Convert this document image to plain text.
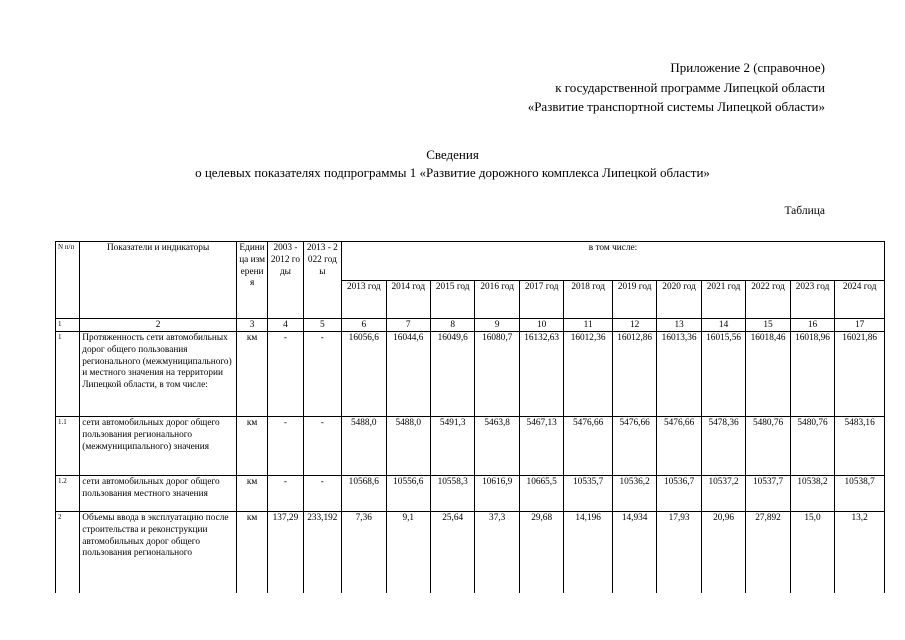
Приложение 2 (справочное)
к государственной программе Липецкой области
«Развитие транспортной системы Липецкой области»
Сведения
о целевых показателях подпрограммы 1 «Развитие дорожного комплекса Липецкой области»
Таблица
N п/п	Показатели и индикаторы	Единица измерения	2003 - 2012 годы	2013 - 2022 годы	в том числе:											
					2013 год	2014 год	2015 год	2016 год	2017 год	2018 год	2019 год	2020 год	2021 год	2022 год	2023 год	2024 год
1	2	3	4	5	6	7	8	9	10	11	12	13	14	15	16	17
1	Протяженность сети автомобильных дорог общего пользования регионального (межмуниципального) и местного значения на территории Липецкой области, в том числе:	км	-	-	16056,6	16044,6	16049,6	16080,7	16132,63	16012,36	16012,86	16013,36	16015,56	16018,46	16018,96	16021,86
1.1	сети автомобильных дорог общего пользования регионального (межмуниципального) значения	км	-	-	5488,0	5488,0	5491,3	5463,8	5467,13	5476,66	5476,66	5476,66	5478,36	5480,76	5480,76	5483,16
1.2	сети автомобильных дорог общего пользования местного значения	км	-	-	10568,6	10556,6	10558,3	10616,9	10665,5	10535,7	10536,2	10536,7	10537,2	10537,7	10538,2	10538,7
2	Объемы ввода в эксплуатацию после строительства и реконструкции автомобильных дорог общего пользования регионального	км	137,29	233,192	7,36	9,1	25,64	37,3	29,68	14,196	14,934	17,93	20,96	27,892	15,0	13,2
